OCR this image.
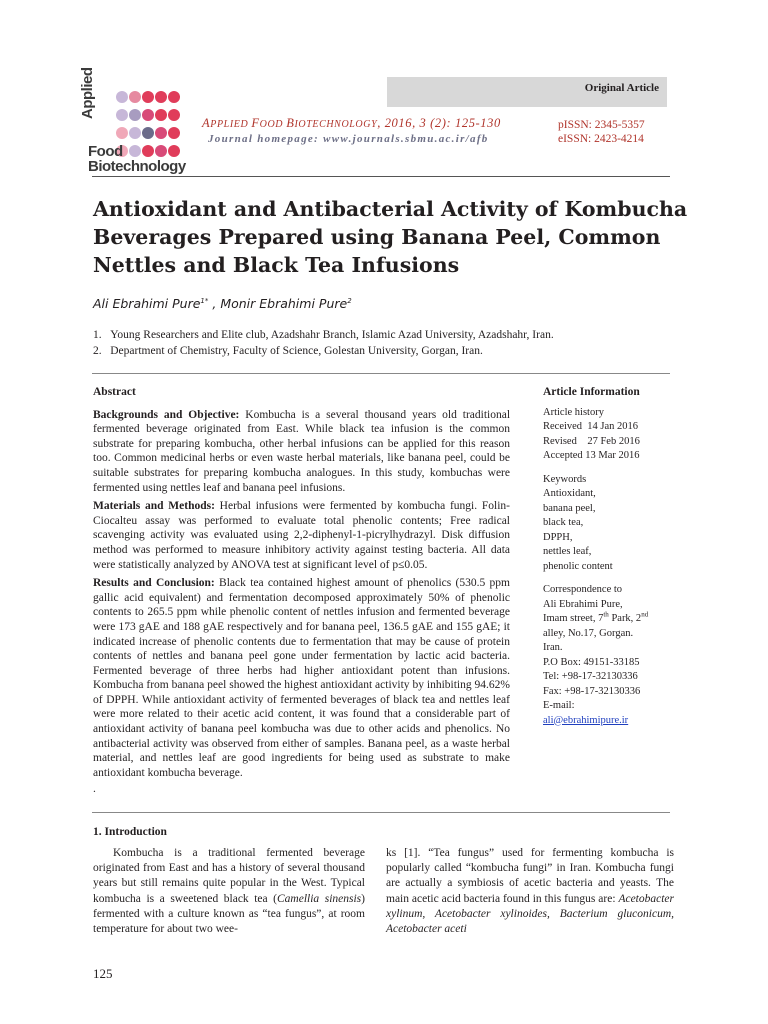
Original Article
Applied
Food
Biotechnology
APPLIED FOOD BIOTECHNOLOGY, 2016, 3 (2): 125-130
Journal homepage: www.journals.sbmu.ac.ir/afb
pISSN: 2345-5357
eISSN: 2423-4214
Antioxidant and Antibacterial Activity of Kombucha Beverages Prepared using Banana Peel, Common Nettles and Black Tea Infusions
Ali Ebrahimi Pure$^{1*}$ , Monir Ebrahimi Pure$^2$
1.   Young Researchers and Elite club, Azadshahr Branch, Islamic Azad University, Azadshahr, Iran.
2.   Department of Chemistry, Faculty of Science, Golestan University, Gorgan, Iran.
Abstract

Backgrounds and Objective: Kombucha is a several thousand years old traditional fermented beverage originated from East. While black tea infusion is the common substrate for preparing kombucha, other herbal infusions can be applied for this reason too. Common medicinal herbs or even waste herbal materials, like banana peel, could be suitable substrates for preparing kombucha analogues. In this study, kombuchas were fermented using nettles leaf and banana peel infusions.

Materials and Methods: Herbal infusions were fermented by kombucha fungi. Folin-Ciocalteu assay was performed to evaluate total phenolic contents; Free radical scavenging activity was evaluated using 2,2-diphenyl-1-picrylhydrazyl. Disk diffusion method was performed to measure inhibitory activity against testing bacteria. All data were statistically analyzed by ANOVA test at significant level of p≤0.05.

Results and Conclusion: Black tea contained highest amount of phenolics (530.5 ppm gallic acid equivalent) and fermentation decomposed approximately 50% of phenolic contents to 265.5 ppm while phenolic content of nettles infusion and fermented beverage were 173 gAE and 188 gAE respectively and for banana peel, 136.5 gAE and 155 gAE; it indicated increase of phenolic contents due to fermentation that may be cause of protein contents of nettles and banana peel gone under fermentation by lactic acid bacteria. Fermented beverage of three herbs had higher antioxidant potent than infusions. Kombucha from banana peel showed the highest antioxidant activity by inhibiting 94.62% of DPPH. While antioxidant activity of fermented beverages of black tea and nettles leaf were more related to their acetic acid content, it was found that a considerable part of antioxidant activity of banana peel kombucha was due to other acids and phenolics. No antibacterial activity was observed from either of samples. Banana peel, as a waste herbal material, and nettles leaf are good ingredients for being used as substrate to make antioxidant kombucha beverage.

.

Article Information

Article history
Received  14 Jan 2016
Revised    27 Feb 2016
Accepted 13 Mar 2016

Keywords
Antioxidant,
banana peel,
black tea,
DPPH,
nettles leaf,
phenolic content

Correspondence to
Ali Ebrahimi Pure,
Imam street, 7th Park, 2nd
alley, No.17, Gorgan.
Iran.
P.O Box: 49151-33185
Tel: +98-17-32130336
Fax: +98-17-32130336
E-mail:
ali@ebrahimipure.ir

1. Introduction

Kombucha is a traditional fermented beverage originated from East and has a history of several thousand years but still remains quite popular in the West. Typical kombucha is a sweetened black tea (Camellia sinensis) fermented with a culture known as “tea fungus”, at room temperature for about two wee-

ks [1]. “Tea fungus” used for fermenting kombucha is popularly called “kombucha fungi” in Iran. Kombucha fungi are actually a symbiosis of acetic bacteria and yeasts. The main acetic acid bacteria found in this fungus are: Acetobacter xylinum, Acetobacter xylinoides, Bacterium gluconicum, Acetobacter aceti

125
